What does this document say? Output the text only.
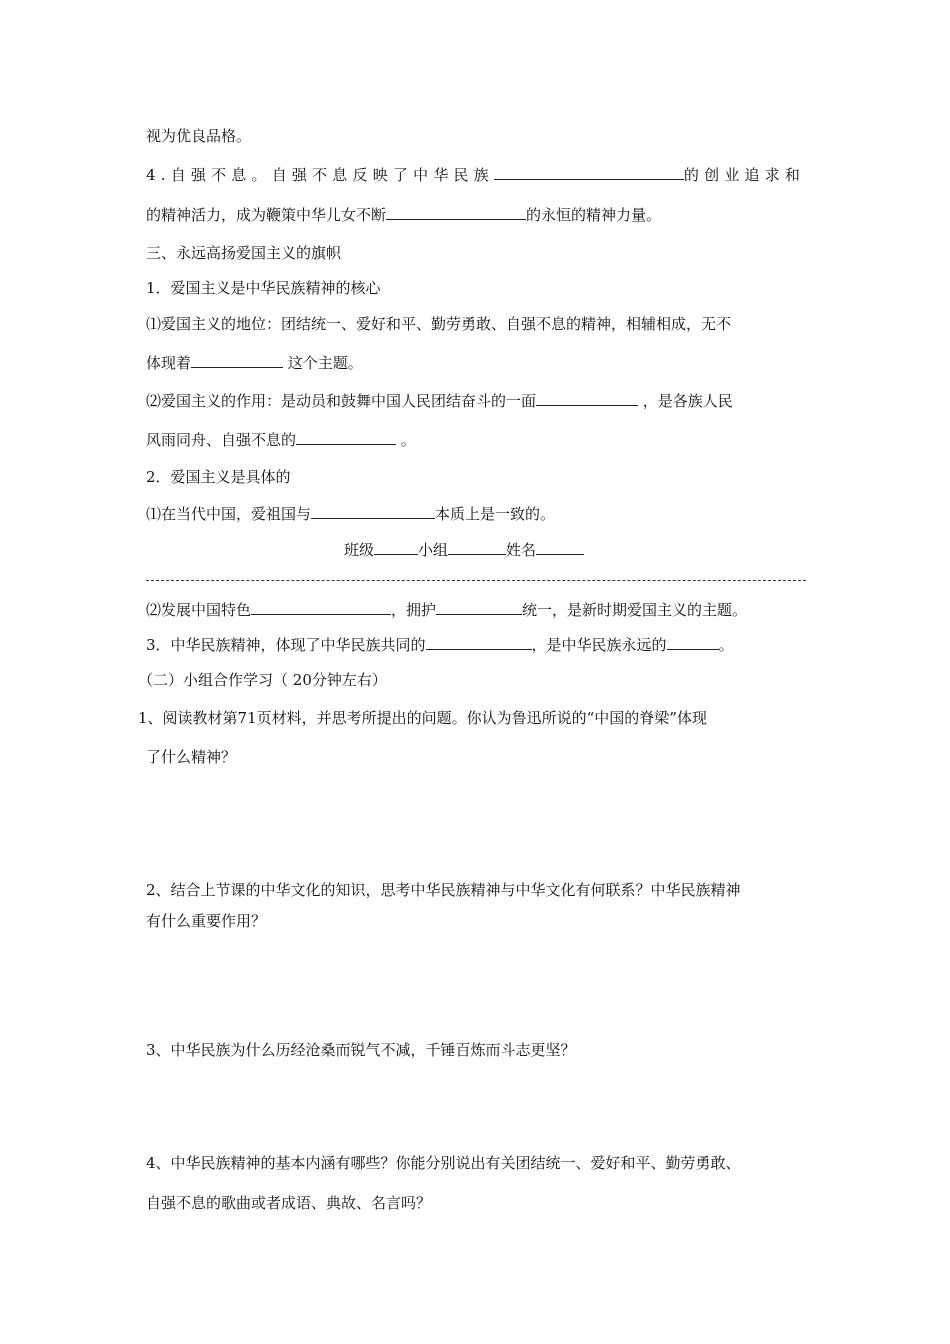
视为优良品格。
4.自强不息。自强不息反映了中华民族	的创业追求和
的精神活力，成为鞭策中华儿女不断	的永恒的精神力量。
三、永远高扬爱国主义的旗帜
1．爱国主义是中华民族精神的核心
⑴爱国主义的地位：团结统一、爱好和平、勤劳勇敢、自强不息的精神，相辅相成，无不
体现着	这个主题。
⑵爱国主义的作用：是动员和鼓舞中国人民团结奋斗的一面	，是各族人民
风雨同舟、自强不息的	。
2．爱国主义是具体的
⑴在当代中国，爱祖国与	本质上是一致的。
班级	小组	姓名
⑵发展中国特色	，拥护	统一，是新时期爱国主义的主题。
3．中华民族精神，体现了中华民族共同的	，是中华民族永远的	。
（二）小组合作学习（ 20分钟左右）
1、阅读教材第71页材料，并思考所提出的问题。你认为鲁迅所说的“中国的脊梁”体现
了什么精神？
2、结合上节课的中华文化的知识，思考中华民族精神与中华文化有何联系？中华民族精神
有什么重要作用？
3、中华民族为什么历经沧桑而锐气不减，千锤百炼而斗志更坚？
4、中华民族精神的基本内涵有哪些？你能分别说出有关团结统一、爱好和平、勤劳勇敢、
自强不息的歌曲或者成语、典故、名言吗？
